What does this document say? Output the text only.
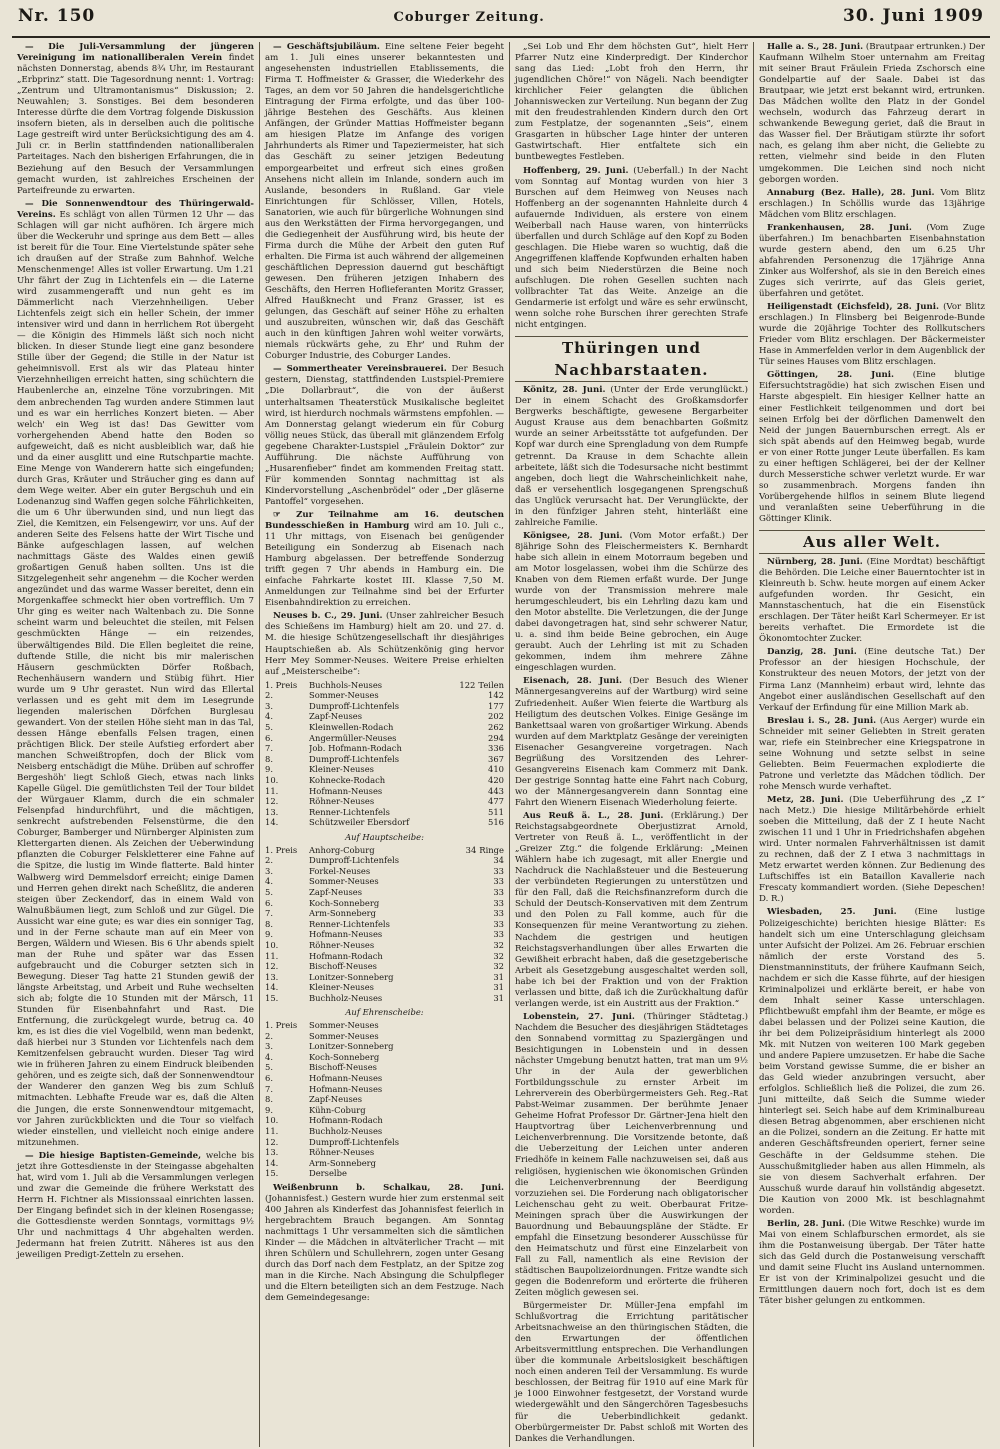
Nr. 150	Coburger Zeitung.	30. Juni 1909

— Die Juli-Versammlung der jüngeren Vereinigung im nationalliberalen Verein findet nächsten Donnerstag, abends 8¾ Uhr, im Restaurant „Erbprinz“ statt. Die Tagesordnung nennt: 1. Vortrag: „Zentrum und Ultramontanismus“ Diskussion; 2. Neuwahlen; 3. Sonstiges. Bei dem besonderen Interesse dürfte die dem Vortrag folgende Diskussion insofern bieten, als in derselben auch die politische Lage gestreift wird unter Berücksichtigung des am 4. Juli cr. in Berlin stattfindenden nationalliberalen Parteitages. Nach den bisherigen Erfahrungen, die in Beziehung auf den Besuch der Versammlungen gemacht wurden, ist zahlreiches Erscheinen der Parteifreunde zu erwarten.

— Die Sonnenwendtour des Thüringerwald-Vereins. Es schlägt von allen Türmen 12 Uhr — das Schlagen will gar nicht aufhören. Ich ärgere mich über die Weckeruhr und springe aus dem Bett — alles ist bereit für die Tour. Eine Viertelstunde später sehe ich draußen auf der Straße zum Bahnhof. Welche Menschenmenge! Alles ist voller Erwartung. Um 1.21 Uhr fährt der Zug in Lichtenfels ein — die Laterne wird zusammengerafft und nun geht es im Dämmerlicht nach Vierzehnheiligen. Ueber Lichtenfels zeigt sich ein heller Schein, der immer intensiver wird und dann in herrlichem Rot übergeht — die Königin des Himmels läßt sich noch nicht blicken. In dieser Stunde liegt eine ganz besondere Stille über der Gegend; die Stille in der Natur ist geheimnisvoll. Erst als wir das Plateau hinter Vierzehnheiligen erreicht hatten, sing schüchtern die Haubenlerche an, einzelne Töne vorzubringen. Mit dem anbrechenden Tag wurden andere Stimmen laut und es war ein herrliches Konzert bieten. — Aber welch' ein Weg ist das! Das Gewitter vom vorhergehenden Abend hatte den Boden so aufgeweicht, daß es nicht ausbleiblich war, daß hie und da einer ausglitt und eine Rutschpartie machte. Eine Menge von Wanderern hatte sich eingefunden; durch Gras, Kräuter und Sträucher ging es dann auf dem Wege weiter. Aber ein guter Bergschuh und ein Lodenanzug sind Waffen gegen solche Fährlichkeiten, die um 6 Uhr überwunden sind, und nun liegt das Ziel, die Kemitzen, ein Felsengewirr, vor uns. Auf der anderen Seite des Felsens hatte der Wirt Tische und Bänke aufgeschlagen lassen, auf welchen nachmittags Gäste des Waldes einen gewiß großartigen Genuß haben sollten. Uns ist die Sitzgelegenheit sehr angenehm — die Kocher werden angezündet und das warme Wasser bereitet, denn ein Morgenkaffee schmeckt hier oben vortrefflich. Um 7 Uhr ging es weiter nach Waltenbach zu. Die Sonne scheint warm und beleuchtet die steilen, mit Felsen geschmückten Hänge — ein reizendes, überwältigendes Bild. Die Ellen begleitet die reine, duftende Stille, die nicht bis mir malerischen Häusern geschmückten Dörfer Roßbach, Rechenhäusern wandern und Stübig führt. Hier wurde um 9 Uhr gerastet. Nun wird das Ellertal verlassen und es geht mit dem im Lesegrunde liegenden malerischen Dörfchen Burglesau gewandert. Von der steilen Höhe sieht man in das Tal, dessen Hänge ebenfalls Felsen tragen, einen prächtigen Blick. Der steile Aufstieg erfordert aber manchen Schweißtropfen, doch der Blick vom Neisberg entschädigt die Mühe. Drüben auf schroffer Bergeshöh' liegt Schloß Giech, etwas nach links Kapelle Gügel. Die gemütlichsten Teil der Tour bildet der Würgauer Klamm, durch die ein schmaler Felsenpfad hindurchführt, und die mächtigen, senkrecht aufstrebenden Felsenstürme, die den Coburger, Bamberger und Nürnberger Alpinisten zum Klettergarten dienen. Als Zeichen der Ueberwindung pflanzten die Coburger Felskletterer eine Fahne auf die Spitze, die lustig im Winde flatterte. Bald hinter Walbwerg wird Demmelsdorf erreicht; einige Damen und Herren gehen direkt nach Scheßlitz, die anderen steigen über Zeckendorf, das in einem Wald von Walnußbäumen liegt, zum Schloß und zur Gügel. Die Aussicht war eine gute; es war dies ein sonniger Tag, und in der Ferne schaute man auf ein Meer von Bergen, Wäldern und Wiesen. Bis 6 Uhr abends spielt man der Ruhe und später war das Essen aufgebraucht und die Coburger setzten sich in Bewegung. Dieser Tag hatte 21 Stunden gewiß der längste Arbeitstag, und Arbeit und Ruhe wechselten sich ab; folgte die 10 Stunden mit der Märsch, 11 Stunden für Eisenbahnfahrt und Rast. Die Entfernung, die zurückgelegt wurde, betrug ca. 40 km, es ist dies die viel Vogelbild, wenn man bedenkt, daß hierbei nur 3 Stunden vor Lichtenfels nach dem Kemitzenfelsen gebraucht wurden. Dieser Tag wird wie in früheren Jahren zu einem Eindruck bleibenden gehören, und es zeigte sich, daß der Sonnenwendtour der Wanderer den ganzen Weg bis zum Schluß mitmachten. Lebhafte Freude war es, daß die Alten die Jungen, die erste Sonnenwendtour mitgemacht, vor Jahren zurückblickten und die Tour so vielfach wieder einstellen, und vielleicht noch einige andere mitzunehmen.

— Die hiesige Baptisten-Gemeinde, welche bis jetzt ihre Gottesdienste in der Steingasse abgehalten hat, wird vom 1. Juli ab die Versammlungen verlegen und zwar die Gemeinde die frühere Werkstatt des Herrn H. Fichtner als Missionssaal einrichten lassen. Der Eingang befindet sich in der kleinen Rosengasse; die Gottesdienste werden Sonntags, vormittags 9½ Uhr und nachmittags 4 Uhr abgehalten werden. Jedermann hat freien Zutritt. Näheres ist aus den jeweiligen Predigt-Zetteln zu ersehen.

— Geschäftsjubiläum. Eine seltene Feier begeht am 1. Juli eines unserer bekanntesten und angesehensten industriellen Etablissements, die Firma T. Hoffmeister & Grasser, die Wiederkehr des Tages, an dem vor 50 Jahren die handelsgerichtliche Eintragung der Firma erfolgte, und das über 100-jährige Bestehen des Geschäfts. Aus kleinen Anfängen, der Gründer Mattias Hoffmeister begann am hiesigen Platze im Anfange des vorigen Jahrhunderts als Rimer und Tapeziermeister, hat sich das Geschäft zu seiner jetzigen Bedeutung emporgearbeitet und erfreut sich eines großen Ansehens nicht allein im Inlande, sondern auch im Auslande, besonders in Rußland. Gar viele Einrichtungen für Schlösser, Villen, Hotels, Sanatorien, wie auch für bürgerliche Wohnungen sind aus den Werkstätten der Firma hervorgegangen, und die Gediegenheit der Ausführung wird, bis heute der Firma durch die Mühe der Arbeit den guten Ruf erhalten. Die Firma ist auch während der allgemeinen geschäftlichen Depression dauernd gut beschäftigt gewesen. Den früheren jetzigen Inhabern des Geschäfts, den Herren Hoflieferanten Moritz Grasser, Alfred Haußknecht und Franz Grasser, ist es gelungen, das Geschäft auf seiner Höhe zu erhalten und auszubreiten, wünschen wir, daß das Geschäft auch in den künftigen Jahren wohl weiter vorwärts, niemals rückwärts gehe, zu Ehr' und Ruhm der Coburger Industrie, des Coburger Landes.

— Sommertheater Vereinsbrauerei. Der Besuch gestern, Dienstag, stattfindenden Lustspiel-Premiere „Die Dollarbraut“, die von der äußerst unterhaltsamen Theaterstück Musikalische begleitet wird, ist hierdurch nochmals wärmstens empfohlen. — Am Donnerstag gelangt wiederum ein für Coburg völlig neues Stück, das überall mit glänzendem Erfolg gegebene Charakter-Lustspiel „Fräulein Doktor“ zur Aufführung. Die nächste Aufführung von „Husarenfieber“ findet am kommenden Freitag statt. Für kommenden Sonntag nachmittag ist als Kindervorstellung „Aschenbrödel“ oder „Der gläserne Pantoffel“ vorgesehen.

☞ Zur Teilnahme am 16. deutschen Bundesschießen in Hamburg wird am 10. Juli c., 11 Uhr mittags, von Eisenach bei genügender Beteiligung ein Sonderzug ab Eisenach nach Hamburg abgelassen. Der betreffende Sonderzug trifft gegen 7 Uhr abends in Hamburg ein. Die einfache Fahrkarte kostet III. Klasse 7,50 M. Anmeldungen zur Teilnahme sind bei der Erfurter Eisenbahndirektion zu erreichen.

Neuses b. C., 29. Juni. (Unser zahlreicher Besuch des Schießens im Hamburg) hielt am 20. und 27. d. M. die hiesige Schützengesellschaft ihr diesjähriges Hauptschießen ab. Als Schützenkönig ging hervor Herr Mey Sommer-Neuses. Weitere Preise erhielten auf „Meisterscheibe“:

1. Preis	Buchhols-Neuses	122 Teilen
2.	Sommer-Neuses	142
3.	Dumproff-Lichtenfels	177
4.	Zapf-Neuses	202
5.	Kleinwellen-Rodach	262
6.	Angermüller-Neuses	294
7.	Job. Hofmann-Rodach	336
8.	Dumproff-Lichtenfels	367
9.	Kleiner-Neuses	410
10.	Kohnecke-Rodach	420
11.	Hofmann-Neuses	443
12.	Röhner-Neuses	477
13.	Renner-Lichtenfels	511
14.	Schützweiler Ebersdorf	516
Auf Hauptscheibe:
1. Preis	Anhorg-Coburg	34 Ringe
2.	Dumproff-Lichtenfels	34
3.	Forkel-Neuses	33
4.	Sommer-Neuses	33
5.	Zapf-Neuses	33
6.	Koch-Sonneberg	33
7.	Arm-Sonneberg	33
8.	Renner-Lichtenfels	33
9.	Hofmann-Neuses	33
10.	Röhner-Neuses	32
11.	Hofmann-Rodach	32
12.	Bischoff-Neuses	32
13.	Lonitzer-Sonneberg	31
14.	Kleiner-Neuses	31
15.	Buchholz-Neuses	31
Auf Ehrenscheibe:
1. Preis	Sommer-Neuses
2.	Sommer-Neuses
3.	Lonitzer-Sonneberg
4.	Koch-Sonneberg
5.	Bischoff-Neuses
6.	Hofmann-Neuses
7.	Hofmann-Neuses
8.	Zapf-Neuses
9.	Kühn-Coburg
10.	Hofmann-Rodach
11.	Buchholz-Neuses
12.	Dumproff-Lichtenfels
13.	Röhner-Neuses
14.	Arm-Sonneberg
15.	Derselbe

Weißenbrunn b. Schalkau, 28. Juni. (Johannisfest.) Gestern wurde hier zum erstenmal seit 400 Jahren als Kinderfest das Johannisfest feierlich in hergebrachtem Brauch begangen. Am Sonntag nachmittags 1 Uhr versammelten sich die sämtlichen Kinder — die Mädchen in altväterlicher Tracht — mit ihren Schülern und Schullehrern, zogen unter Gesang durch das Dorf nach dem Festplatz, an der Spitze zog man in die Kirche. Nach Absingung die Schulpfleger und die Eltern beteiligten sich an dem Festzuge. Nach dem Gemeindegesange:

„Sei Lob und Ehr dem höchsten Gut“, hielt Herr Pfarrer Nutz eine Kinderpredigt. Der Kinderchor sang das Lied: „Lobt froh den Herrn, ihr jugendlichen Chöre!“ von Nägeli. Nach beendigter kirchlicher Feier gelangten die üblichen Johanniswecken zur Verteilung. Nun begann der Zug mit den freudestrahlenden Kindern durch den Ort zum Festplatze, der sogenannten „Seis“, einem Grasgarten in hübscher Lage hinter der unteren Gastwirtschaft. Hier entfaltete sich ein buntbewegtes Festleben.

Hoffenberg, 29. Juni. (Ueberfall.) In der Nacht vom Sonntag auf Montag wurden von hier 3 Burschen auf dem Heimweg von Neuses nach Hoffenberg an der sogenannten Hahnleite durch 4 aufauernde Individuen, als erstere von einem Weiberball nach Hause waren, von hinterrücks überfallen und durch Schläge auf den Kopf zu Boden geschlagen. Die Hiebe waren so wuchtig, daß die Angegriffenen klaffende Kopfwunden erhalten haben und sich beim Niederstürzen die Beine noch aufschlugen. Die rohen Gesellen suchten nach vollbrachter Tat das Weite. Anzeige an die Gendarmerie ist erfolgt und wäre es sehr erwünscht, wenn solche rohe Burschen ihrer gerechten Strafe nicht entgingen.

Thüringen und Nachbarstaaten.

Könitz, 28. Juni. (Unter der Erde verunglückt.) Der in einem Schacht des Großkamsdorfer Bergwerks beschäftigte, gewesene Bergarbeiter August Krause aus dem benachbarten Goßmitz wurde an seiner Arbeitsstätte tot aufgefunden. Der Kopf war durch eine Sprengladung von dem Rumpfe getrennt. Da Krause in dem Schachte allein arbeitete, läßt sich die Todesursache nicht bestimmt angeben, doch liegt die Wahrscheinlichkeit nahe, daß er versehentlich losgegangenen Sprengschuß das Unglück verursacht hat. Der Verunglückte, der in den fünfziger Jahren steht, hinterläßt eine zahlreiche Familie.

Königsee, 28. Juni. (Vom Motor erfaßt.) Der 8jährige Sohn des Fleischermeisters K. Bernhardt habe sich allein in einem Motorraum begeben und am Motor losgelassen, wobei ihm die Schürze des Knaben von dem Riemen erfaßt wurde. Der Junge wurde von der Transmission mehrere male herumgeschleudert, bis ein Lehrling dazu kam und den Motor abstellte. Die Verletzungen, die der Junge dabei davongetragen hat, sind sehr schwerer Natur, u. a. sind ihm beide Beine gebrochen, ein Auge geraubt. Auch der Lehrling ist mit zu Schaden gekommen, indem ihm mehrere Zähne eingeschlagen wurden.

Eisenach, 28. Juni. (Der Besuch des Wiener Männergesangvereins auf der Wartburg) wird seine Zufriedenheit. Außer Wien feierte die Wartburg als Heiligtum des deutschen Volkes. Einige Gesänge im Bankettsaal waren von großartiger Wirkung. Abends wurden auf dem Marktplatz Gesänge der vereinigten Eisenacher Gesangvereine vorgetragen. Nach Begrüßung des Vorsitzenden des Lehrer-Gesangvereins Eisenach kam Commerz mit Dank. Der gestrige Sonntag hatte eine Fahrt nach Coburg, wo der Männergesangverein dann Sonntag eine Fahrt den Wienern Eisenach Wiederholung feierte.

Aus Reuß ä. L., 28. Juni. (Erklärung.) Der Reichstagsabgeordnete Oberjustizrat Arnold, Vertreter von Reuß ä. L., veröffentlicht in der „Greizer Ztg.“ die folgende Erklärung: „Meinen Wählern habe ich zugesagt, mit aller Energie und Nachdruck die Nachlaßsteuer und die Besteuerung der verbündeten Regierungen zu unterstützen und für den Fall, daß die Reichsfinanzreform durch die Schuld der Deutsch-Konservativen mit dem Zentrum und den Polen zu Fall komme, auch für die Konsequenzen für meine Verantwortung zu ziehen. Nachdem die gestrigen und heutigen Reichstagsverhandlungen über alles Erwarten die Gewißheit erbracht haben, daß die gesetzgeberische Arbeit als Gesetzgebung ausgeschaltet werden soll, habe ich bei der Fraktion und von der Fraktion verlassen und bitte, daß ich die Zurückhaltung dafür verlangen werde, ist ein Austritt aus der Fraktion.“

Lobenstein, 27. Juni. (Thüringer Städtetag.) Nachdem die Besucher des diesjährigen Städtetages den Sonnabend vormittag zu Spaziergängen und Besichtigungen in Lobenstein und in dessen nächster Umgebung benutzt hatten, trat man um 9½ Uhr in der Aula der gewerblichen Fortbildungsschule zu ernster Arbeit im Lehrerverein des Oberbürgermeisters Geh. Reg.-Rat Pabst-Weimar zusammen. Der berühmte Jenaer Geheime Hofrat Professor Dr. Gärtner-Jena hielt den Hauptvortrag über Leichenverbrennung und Leichenverbrennung. Die Vorsitzende betonte, daß die Ueberzeitung der Leichen unter anderen Friedhöfe in keinem Falle nachzuweisen sei, daß aus religiösen, hygienischen wie ökonomischen Gründen die Leichenverbrennung der Beerdigung vorzuziehen sei. Die Forderung nach obligatorischer Leichenschau geht zu weit. Oberbaurat Fritze-Meiningen sprach über die Auswirkungen der Bauordnung und Bebauungspläne der Städte. Er empfahl die Einsetzung besonderer Ausschüsse für den Heimatschutz und fürst eine Einzelarbeit von Fall zu Fall, namentlich als eine Revision der städtischen Baupolizeiordnungen. Fritze wandte sich gegen die Bodenreform und erörterte die früheren Zeiten möglich gewesen sei.

Bürgermeister Dr. Müller-Jena empfahl im Schlußvortrag die Errichtung paritätischer Arbeitsnachweise an den thüringischen Städten, die den Erwartungen der öffentlichen Arbeitsvermittlung entsprechen. Die Verhandlungen über die kommunale Arbeitslosigkeit beschäftigen noch einen anderen Teil der Versammlung. Es wurde beschlossen, der Beitrag für 1910 auf eine Mark für je 1000 Einwohner festgesetzt, der Vorstand wurde wiedergewählt und den Sängerchören Tagesbesuchs für die Ueberbindlichkeit gedankt. Oberbürgermeister Dr. Pabst schloß mit Worten des Dankes die Verhandlungen.

Halle a. S., 28. Juni. (Brautpaar ertrunken.) Der Kaufmann Wilhelm Stoer unternahm am Freitag mit seiner Braut Fräulein Frieda Zschorsch eine Gondelpartie auf der Saale. Dabei ist das Brautpaar, wie jetzt erst bekannt wird, ertrunken. Das Mädchen wollte den Platz in der Gondel wechseln, wodurch das Fahrzeug derart in schwankende Bewegung geriet, daß die Braut in das Wasser fiel. Der Bräutigam stürzte ihr sofort nach, es gelang ihm aber nicht, die Geliebte zu retten, vielmehr sind beide in den Fluten umgekommen. Die Leichen sind noch nicht geborgen worden.

Annaburg (Bez. Halle), 28. Juni. Vom Blitz erschlagen.) In Schöllis wurde das 13jährige Mädchen vom Blitz erschlagen.

Frankenhausen, 28. Juni. (Vom Zuge überfahren.) Im benachbarten Eisenbahnstation wurde gestern abend, den um 6.25 Uhr abfahrenden Personenzug die 17jährige Anna Zinker aus Wolfershof, als sie in den Bereich eines Zuges sich verirrte, auf das Gleis geriet, überfahren und getötet.

Heiligenstadt (Eichsfeld), 28. Juni. (Vor Blitz erschlagen.) In Flinsberg bei Beigenrode-Bunde wurde die 20jährige Tochter des Rollkutschers Frieder vom Blitz erschlagen. Der Bäckermeister Hase in Ammerfelden verlor in dem Augenblick der Tür seines Hauses vom Blitz erschlagen.

Göttingen, 28. Juni. (Eine blutige Eifersuchtstragödie) hat sich zwischen Eisen und Harste abgespielt. Ein hiesiger Kellner hatte an einer Festlichkeit teilgenommen und dort bei seinen Erfolg bei der dörflichen Damenwelt den Neid der jungen Bauernburschen erregt. Als er sich spät abends auf den Heimweg begab, wurde er von einer Rotte junger Leute überfallen. Es kam zu einer heftigen Schlägerei, bei der der Kellner durch Messerstiche schwer verletzt wurde. Er war so zusammenbrach. Morgens fanden ihn Vorübergehende hilflos in seinem Blute liegend und veranlaßten seine Ueberführung in die Göttinger Klinik.

Aus aller Welt.

Nürnberg, 28. Juni. (Eine Mordtat) beschäftigt die Behörden. Die Leiche einer Bauerntochter ist in Kleinreuth b. Schw. heute morgen auf einem Acker aufgefunden worden. Ihr Gesicht, ein Mannstaschentuch, hat die ein Eisenstück erschlagen. Der Täter heißt Karl Schermeyer. Er ist bereits verhaftet. Die Ermordete ist die Ökonomtochter Zucker.

Danzig, 28. Juni. (Eine deutsche Tat.) Der Professor an der hiesigen Hochschule, der Konstrukteur des neuen Motors, der jetzt von der Firma Lanz (Mannheim) erbaut wird, lehnte das Angebot einer ausländischen Gesellschaft auf den Verkauf der Erfindung für eine Million Mark ab.

Breslau i. S., 28. Juni. (Aus Aerger) wurde ein Schneider mit seiner Geliebten in Streit geraten war, riefe ein Steinbrecher eine Kriegspatrone in seine Wohnung und setzte selbst in seine Geliebten. Beim Feuermachen explodierte die Patrone und verletzte das Mädchen tödlich. Der rohe Mensch wurde verhaftet.

Metz, 28. Juni. (Die Ueberführung des „Z I“ nach Metz.) Die hiesige Militärbehörde erhielt soeben die Mitteilung, daß der Z I heute Nacht zwischen 11 und 1 Uhr in Friedrichshafen abgehen wird. Unter normalen Fahrverhältnissen ist damit zu rechnen, daß der Z I etwa 3 nachmittags in Metz erwartet werden können. Zur Bedienung des Luftschiffes ist ein Bataillon Kavallerie nach Frescaty kommandiert worden. (Siehe Depeschen! D. R.)

Wiesbaden, 25. Juni. (Eine lustige Polizeigeschichte) berichten hiesige Blätter: Es handelt sich um eine Unterschlagung gleichsam unter Aufsicht der Polizei. Am 26. Februar erschien nämlich der erste Vorstand des 5. Dienstmanninstituts, der frühere Kaufmann Seich, nachdem er sich die Kasse führte, auf der hiesigen Kriminalpolizei und erklärte bereit, er habe von dem Inhalt seiner Kasse unterschlagen. Pflichtbewußt empfahl ihm der Beamte, er möge es dabei belassen und der Polizei seine Kaution, die ihr bei dem Polizeipräsidium hinterlegt als 2000 Mk. mit Nutzen von weiteren 100 Mark gegeben und andere Papiere umzusetzen. Er habe die Sache beim Vorstand gewisse Summe, die er bisher an das Geld wieder anzubringen versucht, aber erfolglos. Schließlich ließ die Polizei, die zum 26. Juni mitteilte, daß Seich die Summe wieder hinterlegt sei. Seich habe auf dem Kriminalbureau diesen Betrag abgenommen, aber erschienen nicht an die Polizei, sondern an die Zeitung. Er hatte mit anderen Geschäftsfreunden operiert, ferner seine Geschäfte in der Geldsumme stehen. Die Ausschußmitglieder haben aus allen Himmeln, als sie von diesem Sachverhalt erfahren. Der Ausschuß wurde darauf hin vollständig abgesetzt. Die Kaution von 2000 Mk. ist beschlagnahmt worden.

Berlin, 28. Juni. (Die Witwe Reschke) wurde im Mai von einem Schlafburschen ermordet, als sie ihm die Postanweisung übergab. Der Täter hatte sich das Geld durch die Postanweisung verschafft und damit seine Flucht ins Ausland unternommen. Er ist von der Kriminalpolizei gesucht und die Ermittlungen dauern noch fort, doch ist es dem Täter bisher gelungen zu entkommen.
